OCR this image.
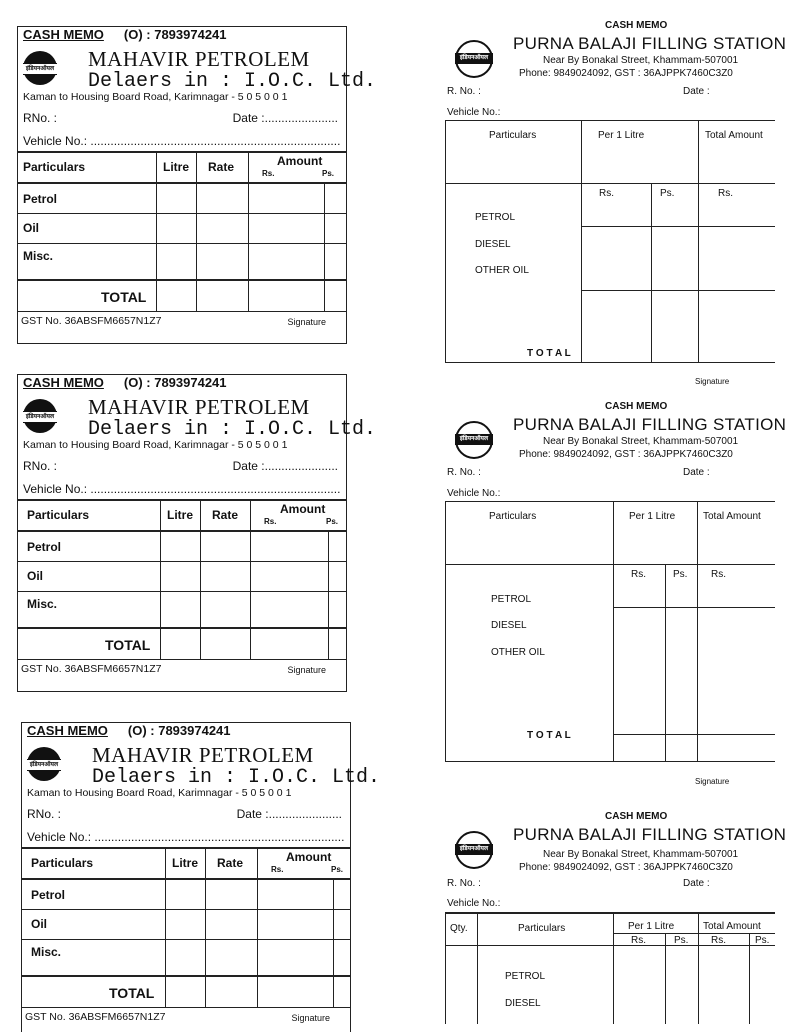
CASH MEMO (O) : 7893974241
इंडियनऑयल MAHAVIR PETROLEM
Delaers in : I.O.C. Ltd.
Kaman to Housing Board Road, Karimnagar - 5 0 5 0 0 1
RNo. :	Date :......................
Vehicle No.: ...........................................................................
Particulars	Litre Rate	Amount
Rs.	Ps.
Petrol
Oil
Misc.
TOTAL
GST No. 36ABSFM6657N1Z7	Signature
CASH MEMO (O) : 7893974241
इंडियनऑयल MAHAVIR PETROLEM
Delaers in : I.O.C. Ltd.
Kaman to Housing Board Road, Karimnagar - 5 0 5 0 0 1
RNo. :	Date :......................
Vehicle No.: ...........................................................................
Particulars	Litre Rate	Amount
Rs.	Ps.
Petrol
Oil
Misc.
TOTAL
GST No. 36ABSFM6657N1Z7	Signature
CASH MEMO (O) : 7893974241
इंडियनऑयल MAHAVIR PETROLEM
Delaers in : I.O.C. Ltd.
Kaman to Housing Board Road, Karimnagar - 5 0 5 0 0 1
RNo. :	Date :......................
Vehicle No.: ...........................................................................
Particulars	Litre Rate	Amount
Rs.	Ps.
Petrol
Oil
Misc.
TOTAL
GST No. 36ABSFM6657N1Z7	Signature
CASH MEMO
इंडियनऑयल
PURNA BALAJI FILLING STATION
Near By Bonakal Street, Khammam-507001
Phone: 9849024092, GST : 36AJPPK7460C3Z0
R. No. :	Date :
Vehicle No.:
Particulars	Per 1 Litre	Total Amount
Rs.	Ps.	Rs.
PETROL
DIESEL
OTHER OIL
T O T A L
Signature
CASH MEMO
इंडियनऑयल
PURNA BALAJI FILLING STATION
Near By Bonakal Street, Khammam-507001
Phone: 9849024092, GST : 36AJPPK7460C3Z0
R. No. :	Date :
Vehicle No.:
Particulars	Per 1 Litre	Total Amount
Rs.	Ps. Rs.
PETROL
DIESEL
OTHER OIL
T O T A L
Signature
CASH MEMO
इंडियनऑयल
PURNA BALAJI FILLING STATION
Near By Bonakal Street, Khammam-507001
Phone: 9849024092, GST : 36AJPPK7460C3Z0
R. No. :	Date :
Vehicle No.:
Qty.	Particulars	Per 1 Litre	Total Amount
Rs.	Ps. Rs.	Ps.
PETROL
DIESEL
